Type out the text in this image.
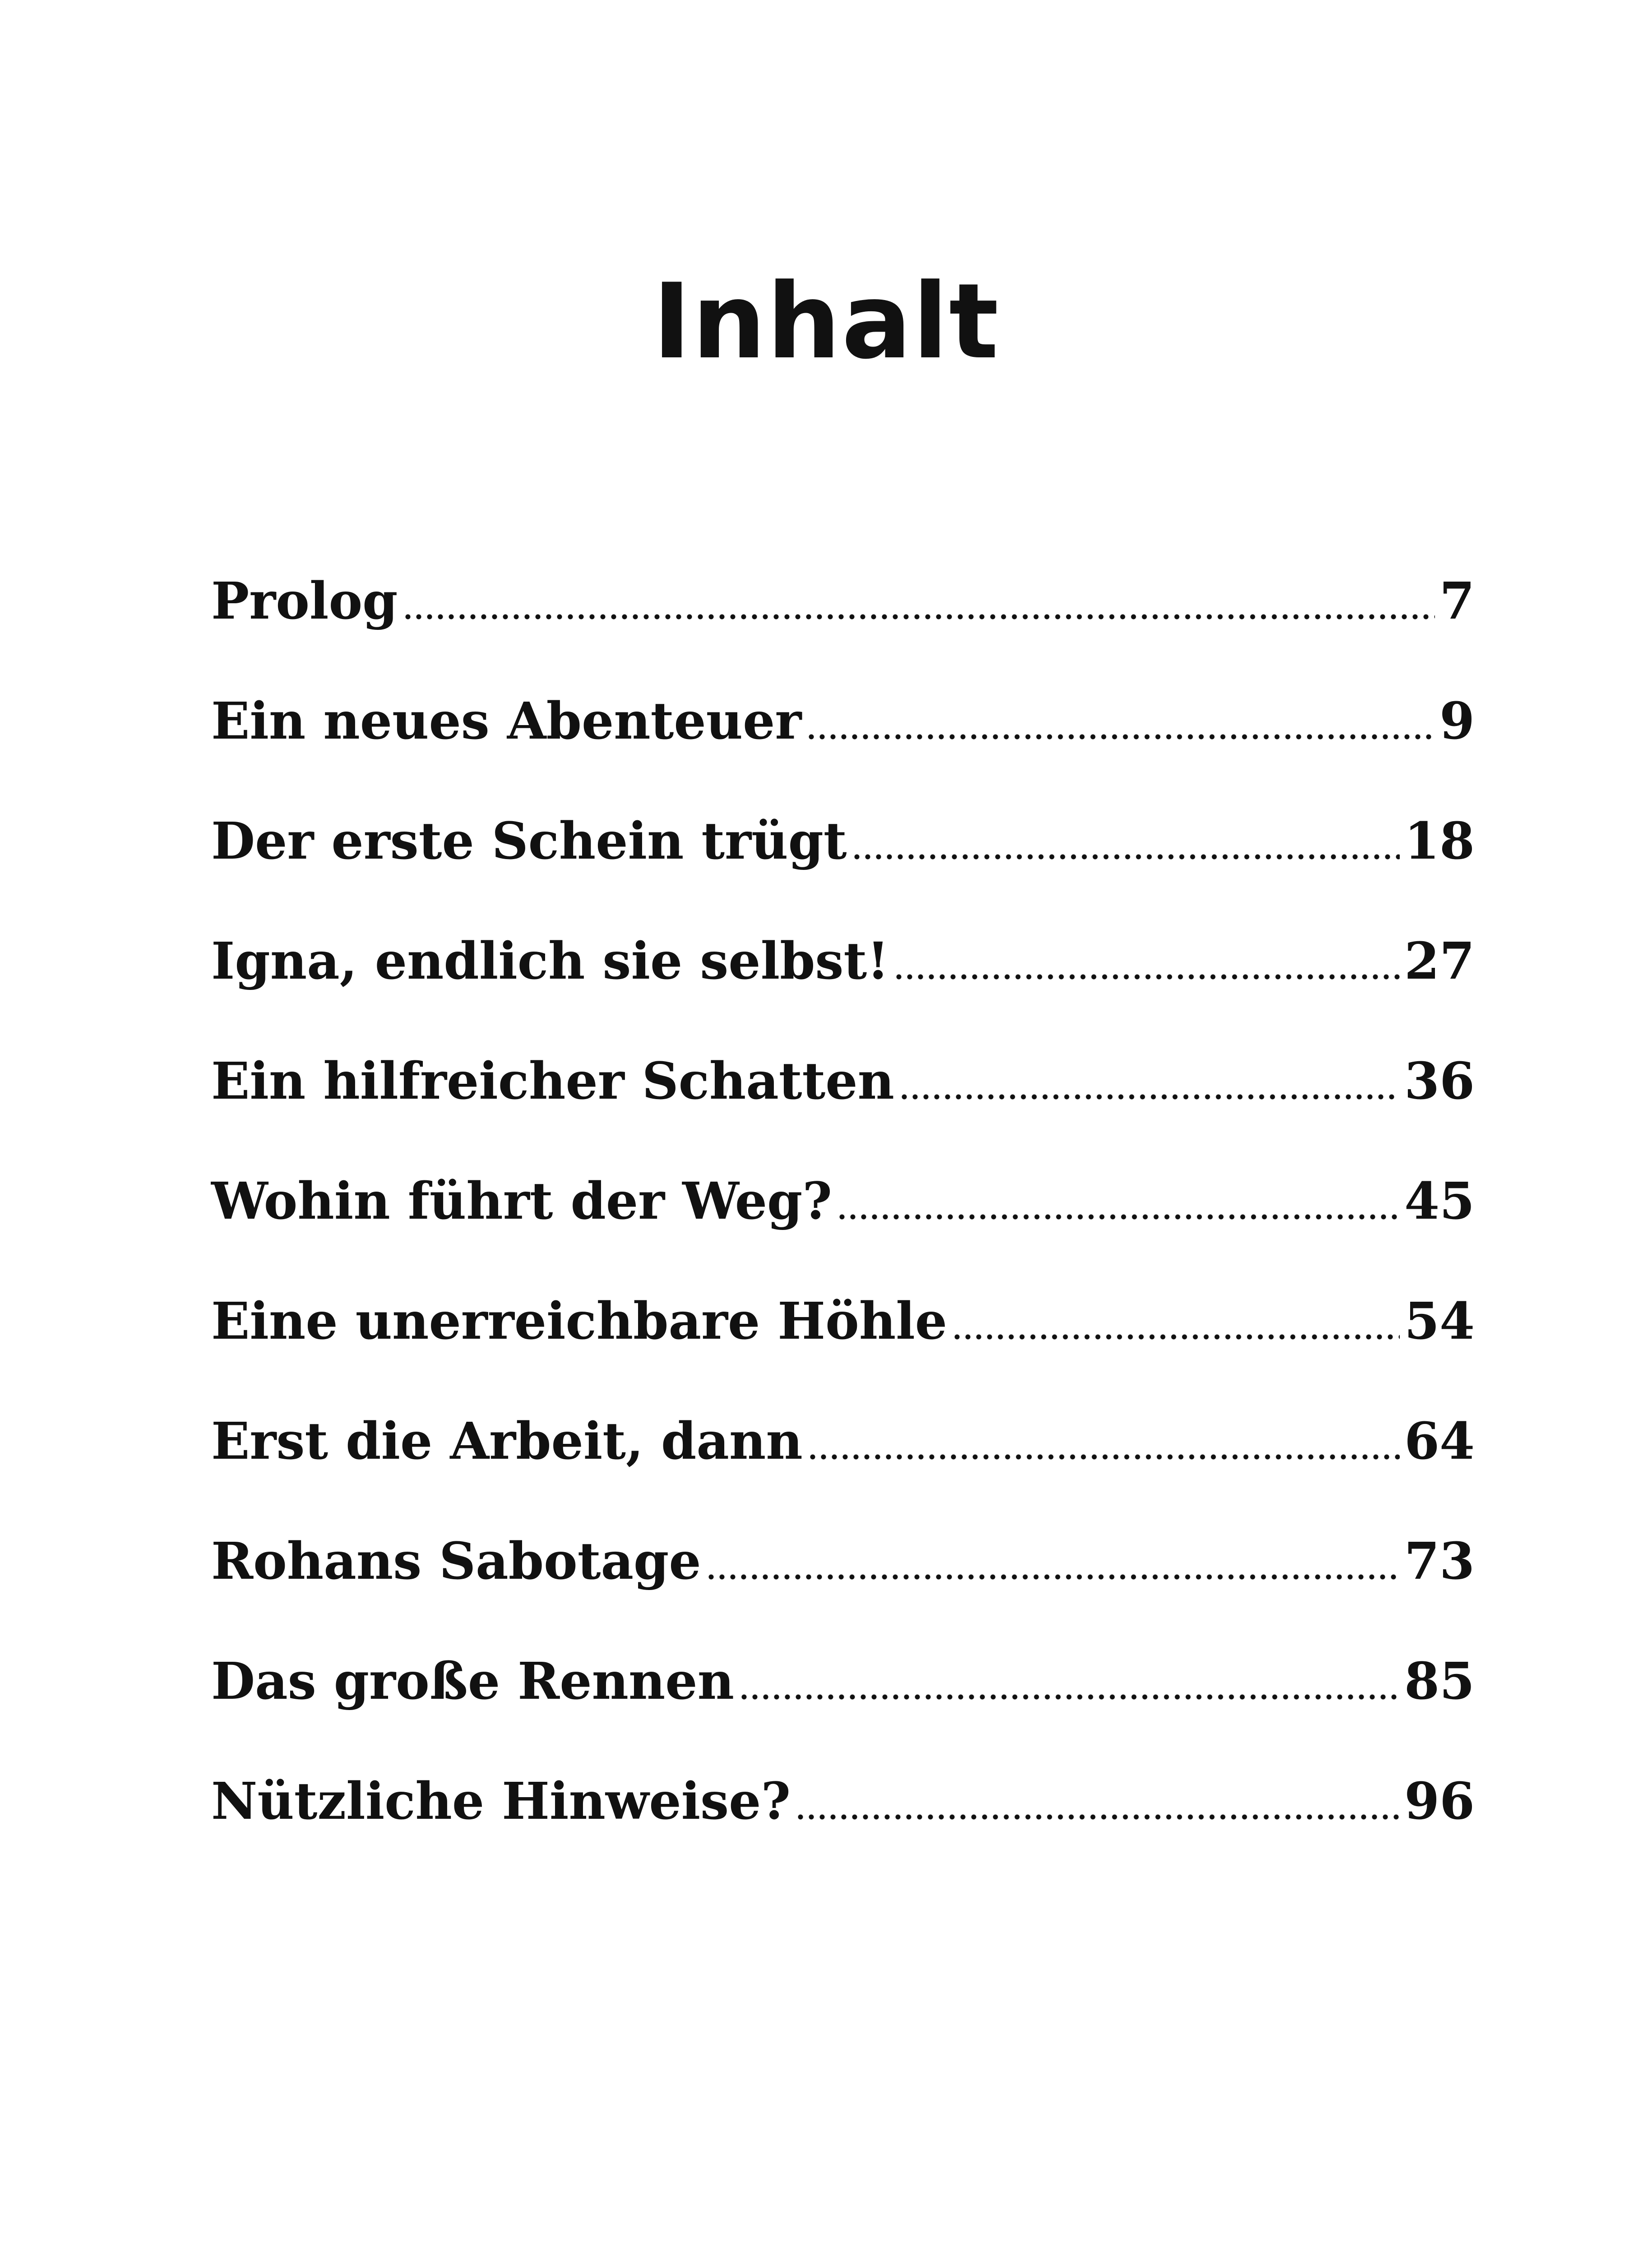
Inhalt
Prolog	7
Ein neues Abenteuer	9
Der erste Schein trügt	18
Igna, endlich sie selbst!	27
Ein hilfreicher Schatten	36
Wohin führt der Weg?	45
Eine unerreichbare Höhle	54
Erst die Arbeit, dann	64
Rohans Sabotage	73
Das große Rennen	85
Nützliche Hinweise?	96
